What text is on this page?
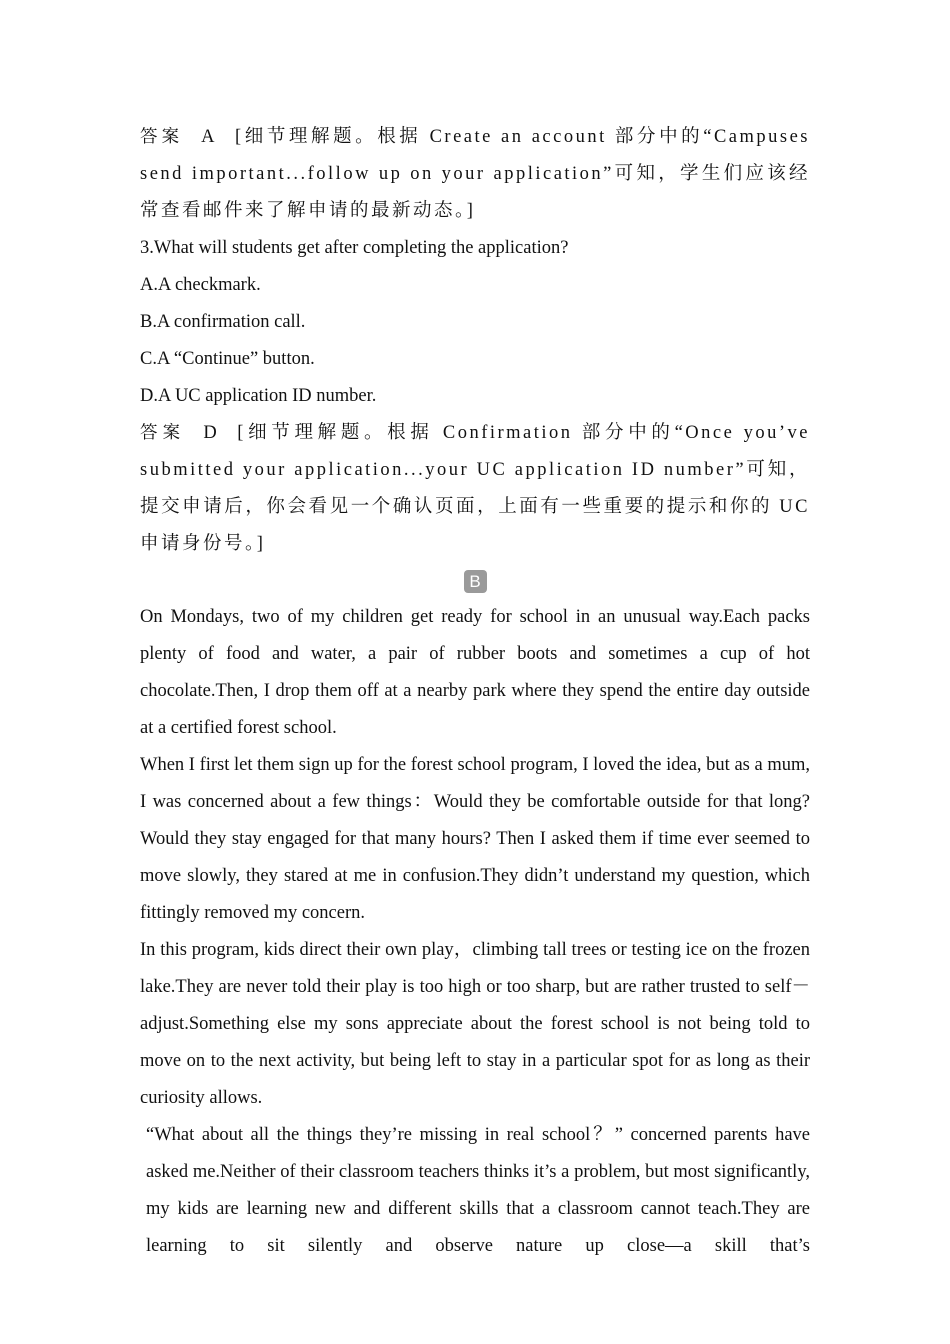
答案 A [细节理解题。根据 Create an account 部分中的“Campuses send important...follow up on your application”可知，学生们应该经常查看邮件来了解申请的最新动态。]

3.What will students get after completing the application?

A.A checkmark.

B.A confirmation call.

C.A “Continue” button.

D.A UC application ID number.

答案 D [细节理解题。根据 Confirmation 部分中的“Once you’ve submitted your application...your UC application ID number”可知，提交申请后，你会看见一个确认页面，上面有一些重要的提示和你的 UC 申请身份号。]

B

On Mondays, two of my children get ready for school in an unusual way.Each packs plenty of food and water, a pair of rubber boots and sometimes a cup of hot chocolate.Then, I drop them off at a nearby park where they spend the entire day outside at a certified forest school.

When I first let them sign up for the forest school program, I loved the idea, but as a mum, I was concerned about a few things：Would they be comfortable outside for that long? Would they stay engaged for that many hours? Then I asked them if time ever seemed to move slowly, they stared at me in confusion.They didn’t understand my question, which fittingly removed my concern.

In this program, kids direct their own play，climbing tall trees or testing ice on the frozen lake.They are never told their play is too high or too sharp, but are rather trusted to self－adjust.Something else my sons appreciate about the forest school is not being told to move on to the next activity, but being left to stay in a particular spot for as long as their curiosity allows.

“What about all the things they’re missing in real school？” concerned parents have asked me.Neither of their classroom teachers thinks it’s a problem, but most significantly, my kids are learning new and different skills that a classroom cannot teach.They are learning to sit silently and observe nature up close—a skill that’s
